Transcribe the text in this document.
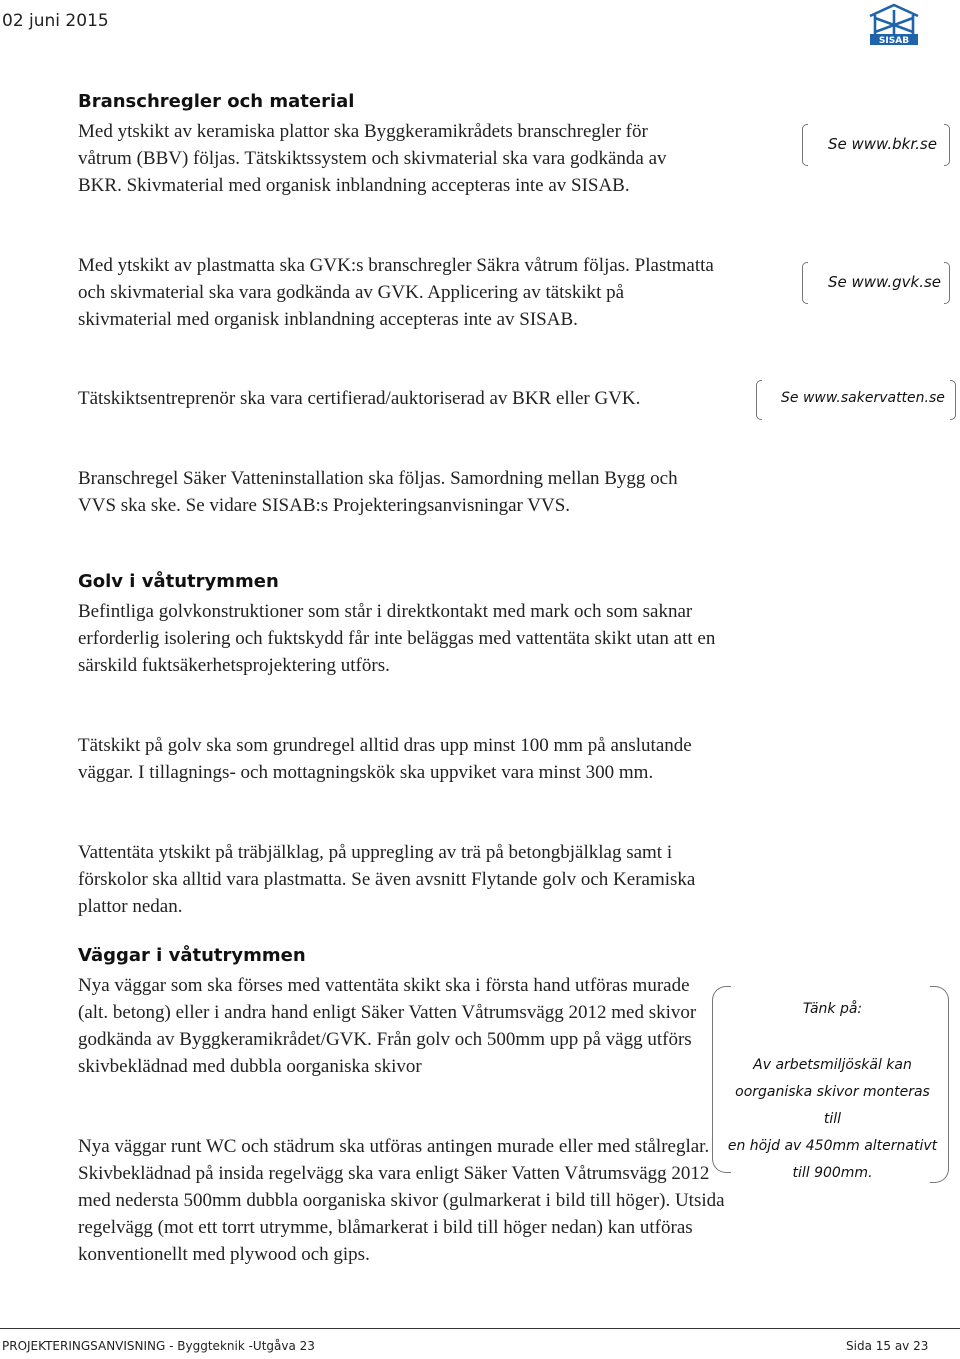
02 juni 2015
SISAB
Branschregler och material

Med ytskikt av keramiska plattor ska Byggkeramikrådets branschregler för våtrum (BBV) följas. Tätskiktssystem och skivmaterial ska vara godkända av BKR. Skivmaterial med organisk inblandning accepteras inte av SISAB.

Med ytskikt av plastmatta ska GVK:s branschregler Säkra våtrum följas. Plastmatta och skivmaterial ska vara godkända av GVK. Applicering av tätskikt på skivmaterial med organisk inblandning accepteras inte av SISAB.

Tätskiktsentreprenör ska vara certifierad/auktoriserad av BKR eller GVK.

Branschregel Säker Vatteninstallation ska följas. Samordning mellan Bygg och VVS ska ske. Se vidare SISAB:s Projekteringsanvisningar VVS.

Se www.bkr.se
Se www.gvk.se
Se www.sakervatten.se
Golv i våtutrymmen

Befintliga golvkonstruktioner som står i direktkontakt med mark och som saknar erforderlig isolering och fuktskydd får inte beläggas med vattentäta skikt utan att en särskild fuktsäkerhetsprojektering utförs.

Tätskikt på golv ska som grundregel alltid dras upp minst 100 mm på anslutande väggar. I tillagnings- och mottagningskök ska uppviket vara minst 300 mm.

Vattentäta ytskikt på träbjälklag, på uppregling av trä på betongbjälklag samt i förskolor ska alltid vara plastmatta. Se även avsnitt Flytande golv och Keramiska plattor nedan.

Väggar i våtutrymmen

Nya väggar som ska förses med vattentäta skikt ska i första hand utföras murade (alt. betong) eller i andra hand enligt Säker Vatten Våtrumsvägg 2012 med skivor godkända av Byggkeramikrådet/GVK. Från golv och 500mm upp på vägg utförs skivbeklädnad med dubbla oorganiska skivor

Nya väggar runt WC och städrum ska utföras antingen murade eller med stålreglar. Skivbeklädnad på insida regelvägg ska vara enligt Säker Vatten Våtrumsvägg 2012 med nedersta 500mm dubbla oorganiska skivor (gulmarkerat i bild till höger). Utsida regelvägg (mot ett torrt utrymme, blåmarkerat i bild till höger nedan) kan utföras konventionellt med plywood och gips.

Tänk på:
Av arbetsmiljöskäl kan
oorganiska skivor monteras till
en höjd av 450mm alternativt
till 900mm.
PROJEKTERINGSANVISNING - Byggteknik -Utgåva 23	Sida 15 av 23
